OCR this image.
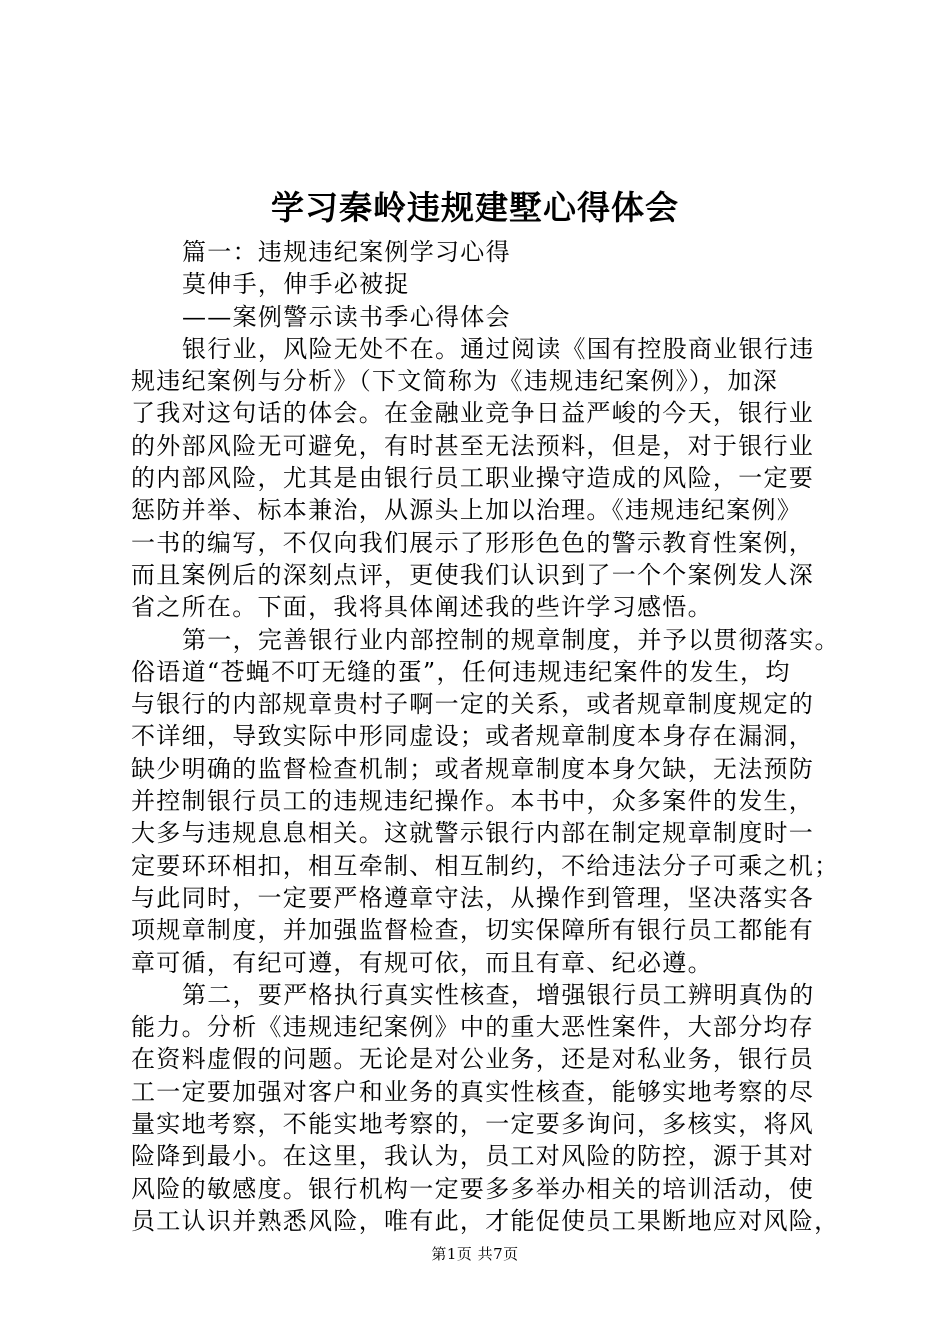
学习秦岭违规建墅心得体会
篇一：违规违纪案例学习心得
莫伸手，伸手必被捉
——案例警示读书季心得体会
银行业，风险无处不在。通过阅读《国有控股商业银行违
规违纪案例与分析》（下文简称为《违规违纪案例》），加深
了我对这句话的体会。在金融业竞争日益严峻的今天，银行业
的外部风险无可避免，有时甚至无法预料，但是，对于银行业
的内部风险，尤其是由银行员工职业操守造成的风险，一定要
惩防并举、标本兼治，从源头上加以治理。《违规违纪案例》
一书的编写，不仅向我们展示了形形色色的警示教育性案例，
而且案例后的深刻点评，更使我们认识到了一个个案例发人深
省之所在。下面，我将具体阐述我的些许学习感悟。
第一，完善银行业内部控制的规章制度，并予以贯彻落实。
俗语道“苍蝇不叮无缝的蛋”，任何违规违纪案件的发生，均
与银行的内部规章贵村子啊一定的关系，或者规章制度规定的
不详细，导致实际中形同虚设；或者规章制度本身存在漏洞，
缺少明确的监督检查机制；或者规章制度本身欠缺，无法预防
并控制银行员工的违规违纪操作。本书中，众多案件的发生，
大多与违规息息相关。这就警示银行内部在制定规章制度时一
定要环环相扣，相互牵制、相互制约，不给违法分子可乘之机；
与此同时，一定要严格遵章守法，从操作到管理，坚决落实各
项规章制度，并加强监督检查，切实保障所有银行员工都能有
章可循，有纪可遵，有规可依，而且有章、纪必遵。
第二，要严格执行真实性核查，增强银行员工辨明真伪的
能力。分析《违规违纪案例》中的重大恶性案件，大部分均存
在资料虚假的问题。无论是对公业务，还是对私业务，银行员
工一定要加强对客户和业务的真实性核查，能够实地考察的尽
量实地考察，不能实地考察的，一定要多询问，多核实，将风
险降到最小。在这里，我认为，员工对风险的防控，源于其对
风险的敏感度。银行机构一定要多多举办相关的培训活动，使
员工认识并熟悉风险，唯有此，才能促使员工果断地应对风险，
第1页 共7页
